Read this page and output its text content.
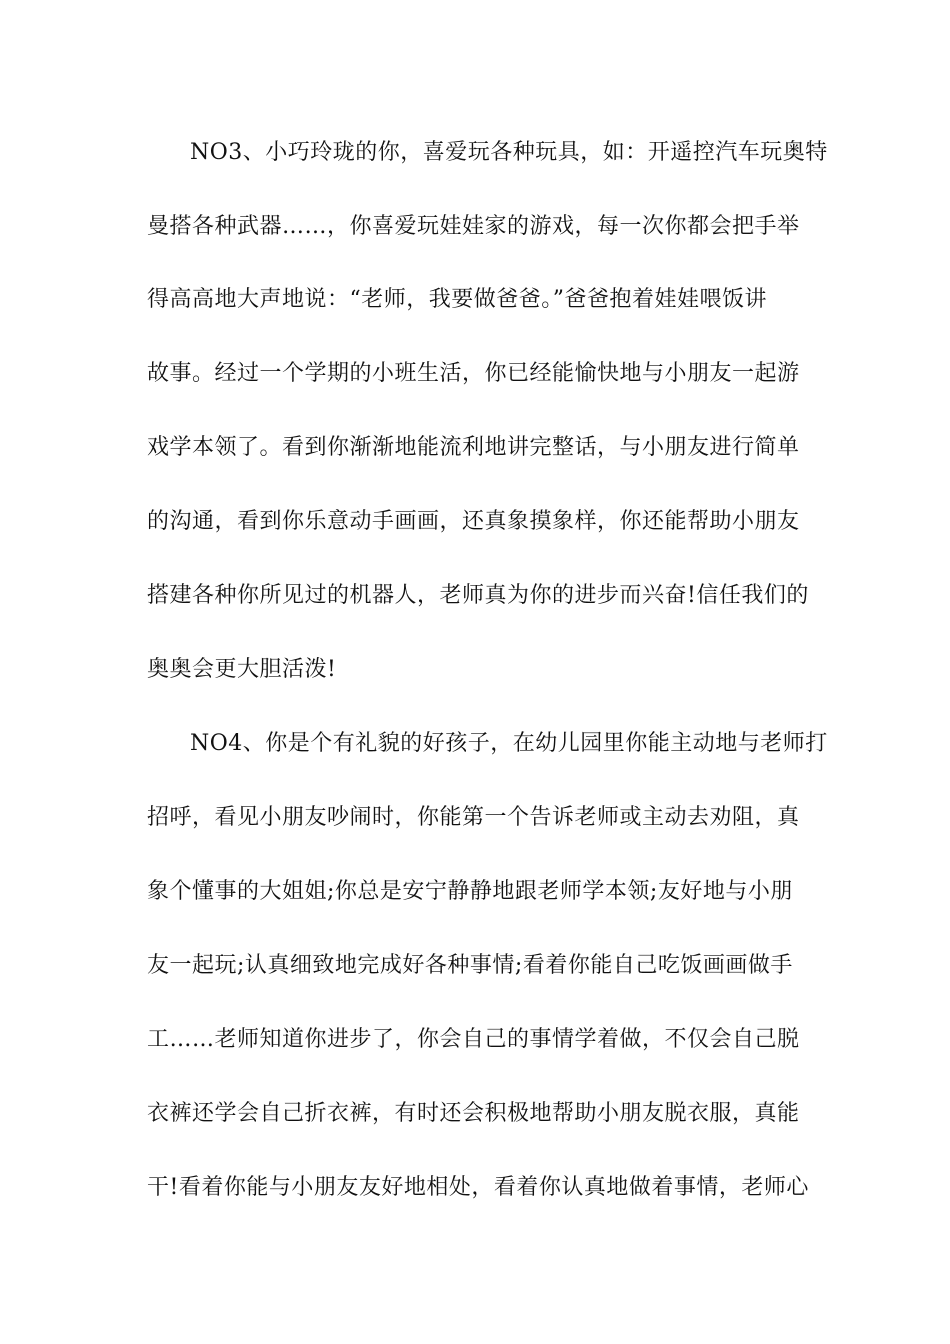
NO3、小巧玲珑的你，喜爱玩各种玩具，如：开遥控汽车玩奥特
曼搭各种武器……，你喜爱玩娃娃家的游戏，每一次你都会把手举
得高高地大声地说：“老师，我要做爸爸。”爸爸抱着娃娃喂饭讲
故事。经过一个学期的小班生活，你已经能愉快地与小朋友一起游
戏学本领了。看到你渐渐地能流利地讲完整话，与小朋友进行简单
的沟通，看到你乐意动手画画，还真象摸象样，你还能帮助小朋友
搭建各种你所见过的机器人，老师真为你的进步而兴奋!信任我们的
奥奥会更大胆活泼!
NO4、你是个有礼貌的好孩子，在幼儿园里你能主动地与老师打
招呼，看见小朋友吵闹时，你能第一个告诉老师或主动去劝阻，真
象个懂事的大姐姐;你总是安宁静静地跟老师学本领;友好地与小朋
友一起玩;认真细致地完成好各种事情;看着你能自己吃饭画画做手
工……老师知道你进步了，你会自己的事情学着做，不仅会自己脱
衣裤还学会自己折衣裤，有时还会积极地帮助小朋友脱衣服，真能
干!看着你能与小朋友友好地相处，看着你认真地做着事情，老师心
